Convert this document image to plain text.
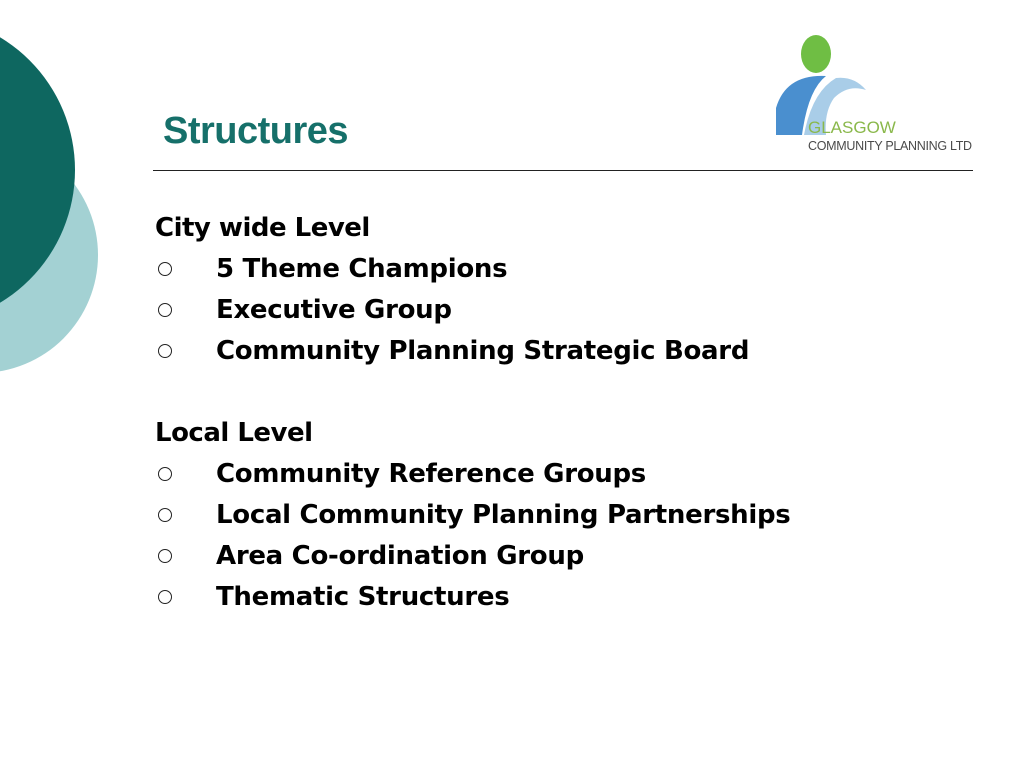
Structures	GLASGOW
COMMUNITY PLANNING LTD
City wide Level
5 Theme Champions
Executive Group
Community Planning Strategic Board
Local Level
Community Reference Groups
Local Community Planning Partnerships
Area Co-ordination Group
Thematic Structures
